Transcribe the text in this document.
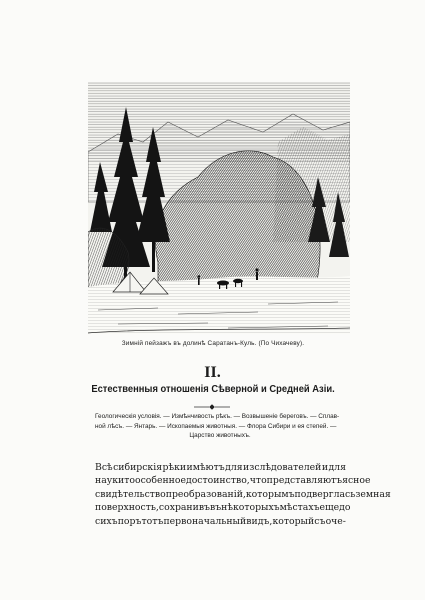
Зимній пейзажъ въ долинѣ Саратанъ-Куль. (По Чихачеву).
II.
Естественныя отношенія Сѣверной и Средней Азіи.
Геологическія условія. — Измѣнчивость рѣкъ. — Возвышеніе береговъ. — Сплав-
ной лѣсъ. — Янтарь. — Ископаемыя животныя. — Флора Сибири и ея степей. —
Царство животныхъ.
Всѣ сибирскія рѣки имѣютъ для изслѣдователей и для
науки то особенное достоинство, что представляютъ ясное
свидѣтельство преобразованій, которымъ подверглась земная
поверхность, сохранивъ въ нѣкоторыхъ мѣстахъ еще до
сихъ поръ тотъ первоначальный видъ, который съ оче-
